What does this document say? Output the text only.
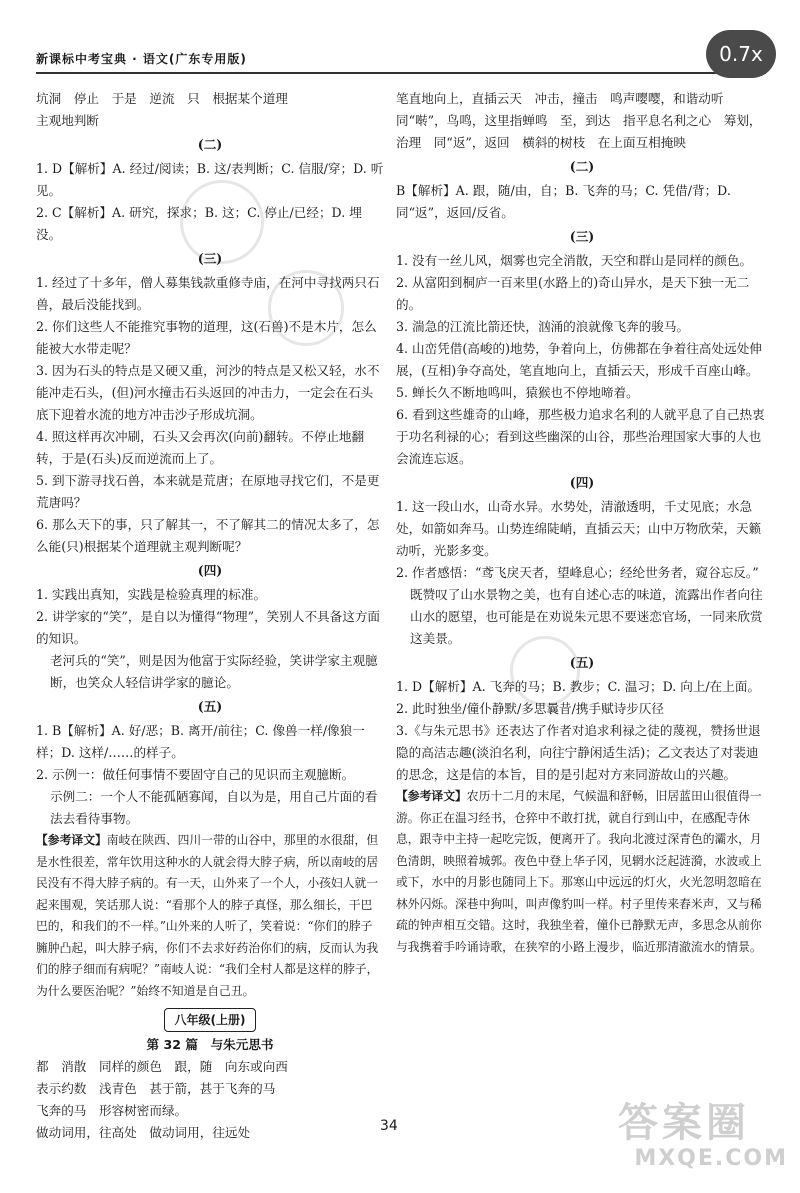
新课标中考宝典 · 语文(广东专用版)	0.7x

坑洞　停止　于是　逆流　只　根据某个道理

主观地判断

(二)

1. D【解析】A. 经过/阅读；B. 这/表判断；C. 信服/穿；D. 听见。

2. C【解析】A. 研究，探求；B. 这；C. 停止/已经；D. 埋没。

(三)

1. 经过了十多年，僧人募集钱款重修寺庙，在河中寻找两只石兽，最后没能找到。

2. 你们这些人不能推究事物的道理，这(石兽)不是木片，怎么能被大水带走呢？

3. 因为石头的特点是又硬又重，河沙的特点是又松又轻，水不能冲走石头，(但)河水撞击石头返回的冲击力，一定会在石头底下迎着水流的地方冲击沙子形成坑洞。

4. 照这样再次冲刷，石头又会再次(向前)翻转。不停止地翻转，于是(石头)反而逆流而上了。

5. 到下游寻找石兽，本来就是荒唐；在原地寻找它们，不是更荒唐吗？

6. 那么天下的事，只了解其一，不了解其二的情况太多了，怎么能(只)根据某个道理就主观判断呢？

(四)

1. 实践出真知，实践是检验真理的标准。

2. 讲学家的“笑”，是自以为懂得“物理”，笑别人不具备这方面的知识。

老河兵的“笑”，则是因为他富于实际经验，笑讲学家主观臆断，也笑众人轻信讲学家的臆论。

(五)

1. B【解析】A. 好/恶；B. 离开/前往；C. 像兽一样/像狼一样；D. 这样/……的样子。

2. 示例一：做任何事情不要固守自己的见识而主观臆断。

示例二：一个人不能孤陋寡闻，自以为是，用自己片面的看法去看待事物。

【参考译文】南岐在陕西、四川一带的山谷中，那里的水很甜，但是水性很差，常年饮用这种水的人就会得大脖子病，所以南岐的居民没有不得大脖子病的。有一天，山外来了一个人，小孩妇人就一起来围观，笑话那人说：“看那个人的脖子真怪，那么细长，干巴巴的，和我们的不一样。”山外来的人听了，笑着说：“你们的脖子臃肿凸起，叫大脖子病，你们不去求好药治你们的病，反而认为我们的脖子细而有病呢？”南岐人说：“我们全村人都是这样的脖子，为什么要医治呢？”始终不知道是自己丑。

八年级(上册)
第 32 篇　与朱元思书

都　消散　同样的颜色　跟，随　向东或向西

表示约数　浅青色　甚于箭，甚于飞奔的马

飞奔的马　形容树密而绿。

做动词用，往高处　做动词用，往远处

笔直地向上，直插云天　冲击，撞击　鸣声嘤嘤，和谐动听　同“啭”，鸟鸣，这里指蝉鸣　至，到达　指平息名利之心　筹划，治理　同“返”，返回　横斜的树枝　在上面互相掩映

(二)

B【解析】A. 跟，随/由，自；B. 飞奔的马；C. 凭借/背；D. 同“返”，返回/反省。

(三)

1. 没有一丝儿风，烟雾也完全消散，天空和群山是同样的颜色。

2. 从富阳到桐庐一百来里(水路上的)奇山异水，是天下独一无二的。

3. 湍急的江流比箭还快，汹涌的浪就像飞奔的骏马。

4. 山峦凭借(高峻的)地势，争着向上，仿佛都在争着往高处远处伸展，(互相)争夺高处，笔直地向上，直插云天，形成千百座山峰。

5. 蝉长久不断地鸣叫，猿猴也不停地啼着。

6. 看到这些雄奇的山峰，那些极力追求名利的人就平息了自己热衷于功名利禄的心；看到这些幽深的山谷，那些治理国家大事的人也会流连忘返。

(四)

1. 这一段山水，山奇水异。水势处，清澈透明，千丈见底；水急处，如箭如奔马。山势连绵陡峭，直插云天；山中万物欣荣，天籁动听，光影多变。

2. 作者感悟：“鸢飞戾天者，望峰息心；经纶世务者，窥谷忘反。”

既赞叹了山水景物之美，也有自述心志的味道，流露出作者向往山水的愿望，也可能是在劝说朱元思不要迷恋官场，一同来欣赏这美景。

(五)

1. D【解析】A. 飞奔的马；B. 教步；C. 温习；D. 向上/在上面。

2. 此时独坐/僮仆静默/多思曩昔/携手赋诗步仄径

3.《与朱元思书》还表达了作者对追求利禄之徒的蔑视，赞扬世退隐的高洁志趣(淡泊名利，向往宁静闲适生活)；乙文表达了对裴迪的思念，这是信的本旨，目的是引起对方来同游故山的兴趣。

【参考译文】农历十二月的末尾，气候温和舒畅，旧居蓝田山很值得一游。你正在温习经书，仓猝中不敢打扰，就自行到山中，在感配寺休息，跟寺中主持一起吃完饭，便离开了。我向北渡过深青色的灞水，月色清朗，映照着城郭。夜色中登上华子冈，见辋水泛起涟漪，水波或上或下，水中的月影也随同上下。那寒山中远远的灯火，火光忽明忽暗在林外闪烁。深巷中狗叫，叫声像豹叫一样。村子里传来舂米声，又与稀疏的钟声相互交错。这时，我独坐着，僮仆已静默无声，多思念从前你与我携着手吟诵诗歌，在狭窄的小路上漫步，临近那清澈流水的情景。

34	答案圈
MXQE.COM
